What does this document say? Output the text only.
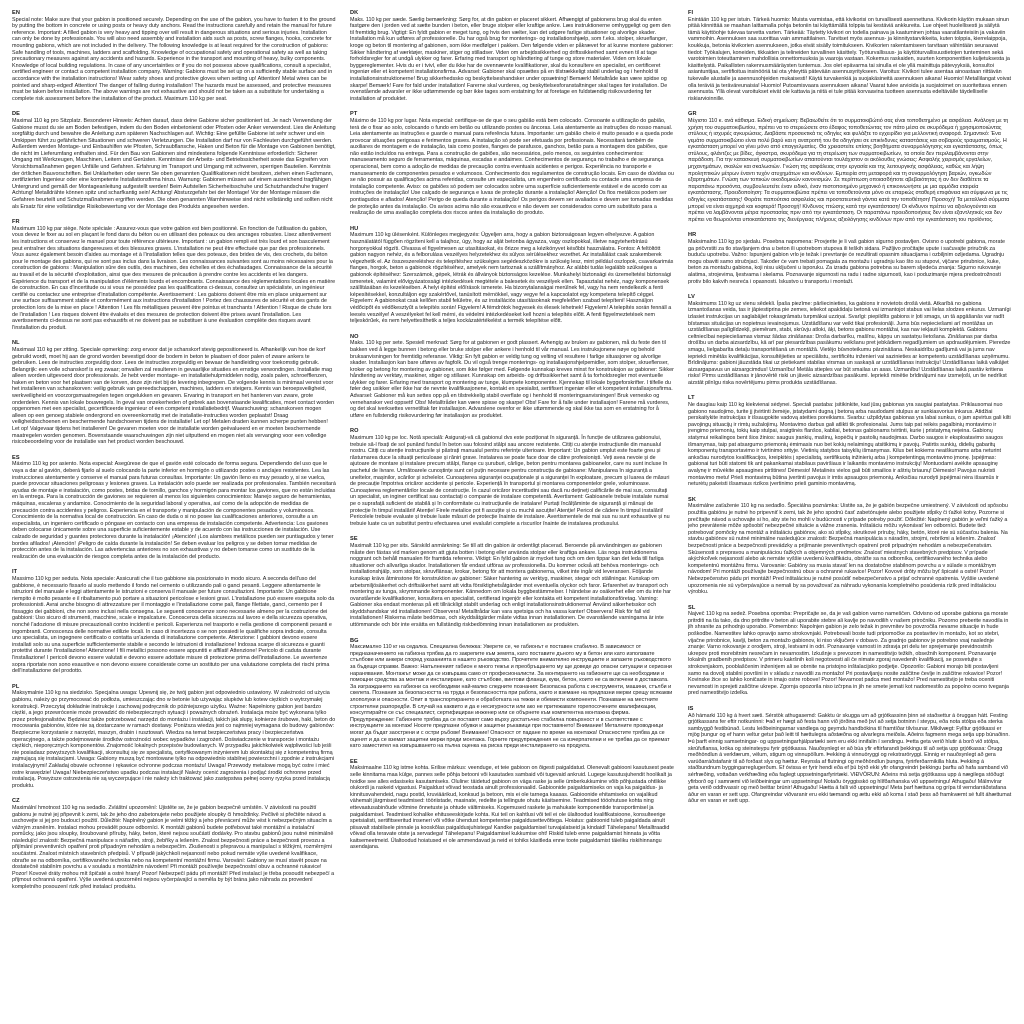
EN

Special note: Make sure that your gabion is positioned securely. Depending on the use of the gabion, you have to fasten it to the ground by putting the bottom in concrete or using posts or heavy duty anchors. Read the instructions carefully and retain the manual for future reference. Important: A filled gabion is very heavy and tipping over will result in dangerous situations and serious injuries. Installation can only be done by professionals. You will also need assembly and installation aids such as posts, screw flanges, hooks, concrete for mounting gabions, which are not included in the delivery. The following knowledge is at least required for the construction of gabions: Safe handling of tools, machines, ladders and scaffolding. Knowledge of occupational safety and operational safety as well as taking precautionary measures against any accidents and hazards. Experience in the transport and mounting of heavy, bulky components. Knowledge of local building regulations. In case of any uncertainties or if you do not possess above qualifications, consult a specialist, certified engineer or contact a competent installation company. Warning: Gabions must be set up on a sufficiently stable surface and in accordance with the installation instructions! Wear safety shoes and protective gloves when setting up! Attention! Metal wires can be pointed and sharp-edged! Attention! The danger of falling during installation! The hazards must be assessed, and protective measures must be taken before installation. The above warnings are not exhaustive and should not be taken as a substitute for undertaking a complete risk assessment before the installation of the product. Maximum 110 kg per seat.

DE

Maximal 110 kg pro Sitzplatz. Besonderer Hinweis: Achten darauf, dass deine Gabione sicher positioniert ist. Je nach Verwendung der Gabione musst du sie am Boden befestigen, indem du den Boden einbetonierst oder Pfosten oder Anker verwendest. Lies die Anleitung sorgfältig durch und bewahre die Anleitung zum späteren Nachschlagen auf. Wichtig: Eine gefüllte Gabione ist sehr schwer und ein Umkippen führt zu gefährlichen Situationen und schweren Verletzungen. Die Installation darf nur von Fachleuten durchgeführt werden. Außerdem werden Montage- und Einbauhilfen wie Pfosten, Schraubflansche, Haken und Beton für die Montage von Gabionen benötigt, die nicht im Lieferumfang enthalten sind. Für den Bau von Gabionen sind mindestens folgende Kenntnisse erforderlich: Sicherer Umgang mit Werkzeugen, Maschinen, Leitern und Gerüsten. Kenntnisse der Arbeits- und Betriebssicherheit sowie das Ergreifen von Vorsichtsmaßnahmen gegen Unfälle und Gefahren. Erfahrung im Transport und Umgang mit schweren, sperrigen Bauteilen. Kenntnis der örtlichen Bauvorschriften. Bei Unklarheiten oder wenn Sie oben genannten Qualifikationen nicht besitzen, ziehen einen Fachmann, zertifizierten Ingenieur oder eine kompetente Installationsfirma hinzu. Warnung: Gabionen müssen auf einem ausreichend tragfähigen Untergrund und gemäß der Montageanleitung aufgestellt werden! Beim Aufstellen Sicherheitsschuhe und Schutzhandschuhe tragen! Achtung! Metalldrähte können spitz und scharfkantig sein! Achtung! Absturzgefahr bei der Montage! Vor der Montage müssen die Gefahren beurteilt und Schutzmaßnahmen ergriffen werden. Die oben genannten Warnhinweise sind nicht vollständig und sollten nicht als Ersatz für eine vollständige Risikobewertung vor der Montage des Produkts angesehen werden.

FR

Maximum 110 kg par siège. Note spéciale : Assurez-vous que votre gabion est bien positionné. En fonction de l'utilisation du gabion, vous devez le fixer au sol en plaçant le fond dans du béton ou en utilisant des poteaux ou des ancrages robustes. Lisez attentivement les instructions et conservez le manuel pour toute référence ultérieure. Important : un gabion rempli est très lourd et son basculement peut entraîner des situations dangereuses et des blessures graves. L'installation ne peut être effectuée que par des professionnels. Vous aurez également besoin d'aides au montage et à l'installation telles que des poteaux, des brides de vis, des crochets, du béton pour le montage des gabions, qui ne sont pas inclus dans la livraison. Les connaissances suivantes sont au moins nécessaires pour la construction de gabions : Manipulation sûre des outils, des machines, des échelles et des échafaudages. Connaissance de la sécurité au travail et de la sécurité d'exploitation, ainsi que des mesures de précaution à prendre contre les accidents et les dangers. Expérience du transport et de la manipulation d'éléments lourds et encombrants. Connaissance des réglementations locales en matière de construction. En cas d'incertitude ou si vous ne possédez pas les qualifications ci-dessus, consultez un spécialiste, un ingénieur certifié ou contactez une entreprise d'installation compétente. Avertissement : Les gabions doivent être mis en place uniquement sur une surface suffisamment stable et conformément aux instructions d'installation ! Portez des chaussures de sécurité et des gants de protection lors de la mise en place ! Attention ! Les fils métalliques peuvent être pointus et tranchants ! Attention ! Risque de chute lors de l'installation ! Les risques doivent être évalués et des mesures de protection doivent être prises avant l'installation. Les avertissements ci-dessus ne sont pas exhaustifs et ne doivent pas se substituer à une évaluation complète des risques avant l'installation du produit.

NL

Maximaal 110 kg per zitting. Speciale opmerking: zorg ervoor dat je schanskorf stevig gepositioneerd is. Afhankelijk van hoe de korf gebruikt wordt, moet hij aan de grond worden bevestigd door de bodem in beton te plaatsen of door palen of zware ankers te gebruiken. Lees de instructies zorgvuldig door. Lees de instructies zorgvuldig en bewaar de handleiding voor toekomstig gebruik. Belangrijk: een volle schanskorf is erg zwaar; omvallen zal resulteren in gevaarlijke situaties en ernstige verwondingen. Installatie mag alleen worden uitgevoerd door professionals. Je hebt verder montage- en installatiehulpmiddelen nodig, zoals palen, schroefflenzen, haken en beton voor het plaatsen van de korven, deze zijn niet bij de levering inbegrepen. De volgende kennis is minimaal vereist voor het installeren van schanskorven: veilig gebruik van gereedschappen, machines, ladders en steigers. Kennis van beroepsveiligheid, werkveiligheid en voorzorgsmaatregelen tegen ongelukken en gevaren. Ervaring in transport en het hanteren van zware, grote onderdelen. Kennis van lokale bouwregels. In geval van onzekerheden of gebrek aan bovenstaande kwalificaties, moet contact worden opgenomen met een specialist, gecertificeerde ingenieur of een competent installatiebedrijf. Waarschuwing: schanskorven mogen alleen op een genoeg stabiele ondergrond en overeenkomstig met de installatie-instructies worden geplaatst! Draag veiligheidsschoenen en beschermende handschoenen tijdens de installatie! Let op! Metalen draden kunnen scherpe punten hebben! Let op! Valgevaar tijdens het installeren! De gevaren moeten voor de installatie worden geëvalueerd en er moeten beschermende maatregelen worden genomen. Bovenstaande waarschuwingen zijn niet uitputtend en mogen niet als vervanging voor een volledige risicobeoordeling voor de installatie van het product worden beschouwd.

ES

Máximo 110 kg por asiento. Nota especial: Asegúrese de que el gavión esté colocado de forma segura. Dependiendo del uso que le vaya a dar al gavión, deberá fijarlo al suelo colocando la parte inferior en hormigón o utilizando postes o anclajes resistentes. Lea las instrucciones atentamente y conserve el manual para futuras consultas. Importante: Un gavión lleno es muy pesado y, si se vuelca, puede provocar situaciones peligrosas y lesiones graves. La instalación solo puede ser realizada por profesionales. También necesitará ayudas de montaje e instalación, como postes, bridas de tornillo, ganchos y hormigón para montar los gaviones, que no están incluidas en la entrega. Para la construcción de gaviones se requieren al menos los siguientes conocimientos: Manejo seguro de herramientas, máquinas, escaleras y andamios. Conocimiento de la seguridad laboral y operativa, así como de la adopción de medidas de precaución contra accidentes y peligros. Experiencia en el transporte y manipulación de componentes pesados y voluminosos. Conocimiento de la normativa local de construcción. En caso de duda o si no posee las cualificaciones anteriores, consulte a un especialista, un ingeniero certificado o póngase en contacto con una empresa de instalación competente. Advertencia: Los gaviones deben colocarse únicamente sobre una superficie suficientemente estable y de acuerdo con las instrucciones de instalación. Use calzado de seguridad y guantes protectores durante la instalación! ¡Atención! ¡Los alambres metálicos pueden ser puntiagudos y tener bordes afilados! ¡Atención! ¡Peligro de caída durante la instalación! Se deben evaluar los peligros y se deben tomar medidas de protección antes de la instalación. Las advertencias anteriores no son exhaustivas y no deben tomarse como un sustituto de la realización de una evaluación de riesgos completa antes de la instalación del producto.

IT

Massimo 110 kg per seduta. Nota speciale: Assicurati che il tuo gabbione sia posizionato in modo sicuro. A seconda dell'uso del gabbione, è necessario fissarlo al suolo mettendo il fondo nel cemento o utilizzando pali o ganci pesanti. Leggere attentamente le istruzioni del manuale e leggi attentamente le istruzioni e conserva il manuale per future consultazioni. Importante: Un gabbione riempito è molto pesante e il ribaltamento può portare a situazioni pericolose e lesioni gravi. L'installazione può essere eseguita solo da professionisti. Avrai anche bisogno di attrezzature per il montaggio e l'installazione come pali, flange filettate, ganci, cemento per il fissaggio dei gabbioni, che non sono inclusi nella consegna. Le seguenti conoscenze sono necessarie almeno per la costruzione dei gabbioni: Uso sicuro di strumenti, macchine, scale e impalcature. Conoscenza della sicurezza sul lavoro e della sicurezza operativa, nonché l'adozione di misure precauzionali contro incidenti e pericoli. Esperienza nel trasporto e nella gestione di componenti pesanti e ingombranti. Conoscenza delle normative edilizie locali. In caso di incertezza o se non possiedi le qualifiche sopra indicate, consulta uno specialista, un ingegnere certificato o contatta un'azienda di installazione competente. Attenzione: I gabbioni devono essere installati solo su una superficie sufficientemente stabile e secondo le istruzioni di installazione! Indossa scarpe di sicurezza e guanti protettivi durante l'installazione! Attenzione! I fili metallici possono essere appuntiti e affilati! Attenzione! Pericolo di caduta durante l'installazione! I pericoli devono essere valutati e devono essere adottate misure di protezione prima dell'installazione. Le avvertenze sopra riportate non sono esaustive e non devono essere considerate come un sostituto per una valutazione completa dei rischi prima dell'installazione del prodotto.

PL

Maksymalnie 110 kg na siedzisko. Specjalna uwaga: Upewnij się, że twój gabion jest odpowiednio ustawiony. W zależności od użycia gabionu, należy go przymocować do podłoża, umieszczając dno w betonie lub używając słupków lub kotew ciężkich o wytrzymałej konstrukcji. Przeczytaj dokładnie instrukcje i zachowaj podręcznik do późniejszego użytku. Ważne: Napełniony gabion jest bardzo ciężki, a jego przewrócenie może prowadzić do niebezpiecznych sytuacji i poważnych obrażeń. Instalacja może być wykonana tylko przez profesjonalistów. Będziesz także potrzebować narzędzi do montażu i instalacji, takich jak słupy, kołnierze śrubowe, haki, beton do mocowania gabionów, które nie są dostarczane w ramach dostawy. Poniższa wiedza jest co najmniej wymagana do budowy gabionów: Bezpieczne korzystanie z narzędzi, maszyn, drabin i rusztowań. Wiedza na temat bezpieczeństwa pracy i bezpieczeństwa operacyjnego, a także podejmowanie środków ostrożności wobec wypadków i zagrożeń. Doświadczenie w transporcie i montażu ciężkich, nieporęcznych komponentów. Znajomość lokalnych przepisów budowlanych. W przypadku jakichkolwiek wątpliwości lub jeśli nie posiadasz powyższych kwalifikacji, skonsultuj się ze specjalistą, certyfikowanym inżynierem lub skontaktuj się z kompetentną firmą zajmującą się instalacjami. Uwaga: Gabiony muszą być montowane tylko na odpowiednio stabilnej powierzchni i zgodnie z instrukcjami instalacyjnymi! Zakładaj obuwie ochronne i rękawice ochronne podczas montażu! Uwaga! Przewody metalowe mogą być ostre i mieć ostre krawędzie! Uwaga! Niebezpieczeństwo upadku podczas instalacji! Należy ocenić zagrożenia i podjąć środki ochronne przed instalacją. Powyższe ostrzeżenia nie są wyczerpujące i nie należy ich traktować jako zastępstwa pełnej oceny ryzyka przed instalacją produktu.

CZ

Maximální hmotnost 110 kg na sedadlo. Zvláštní upozornění: Ujistěte se, že je gabion bezpečně umístěn. V závislosti na použití gabionu je nutné jej připevnit k zemi, tak že jeho dno zabetonujete nebo použijete sloupky či hmoždinky. Pečlivě si přečtěte návod a uschovejte si jej pro budoucí použití. Důležité: Naplněný gabion je velmi těžký a jeho převrácení může vést k nebezpečným situacím a vážným zraněním. Instalaci mohou provádět pouze odborníci. K montáži gabionů budete potřebovat také montážní a instalační pomůcky, jako jsou sloupky, šroubované příruby, háky, beton, které nejsou součástí dodávky. Pro stavbu gabionů jsou nutné minimálně následující znalosti: Bezpečná manipulace s nářadím, stroji, žebříky a lešením. Znalost bezpečnosti práce a bezpečnosti provozu a přijímání preventivních opatření proti případným nehodám a nebezpečím. Zkušenosti s přepravou a manipulací s těžkými, rozměrnými součástmi. Znalost místních stavebních předpisů. V případě jakýchkoli nejasností nebo pokud nemáte výše uvedené kvalifikace, obraťte se na odborníka, certifikovaného technika nebo na kompetentní montážní firmu. Varování: Gabiony se musí stavět pouze na dostatečně stabilním povrchu a v souladu s montážním návodem! Při montáži používejte bezpečnostní obuv a ochranné rukavice! Pozor! Kovové dráty mohou mít špičaté a ostré hrany! Pozor! Nebezpečí pádu při montáži! Před instalací je třeba posoudit nebezpečí a přijmout ochranná opatření. Výše uvedená upozornění nejsou vyčerpávající a neměla by být brána jako náhrada za provedení kompletního posouzení rizik před instalací produktu.

DK

Maks. 110 kg per sæde. Særlig bemærkning: Sørg for, at din gabion er placeret sikkert. Afhængigt af gabionens brug skal du enten fastgøre den i jorden ved at sætte bunden i beton, eller bruge stolper eller kraftige ankre. Læs instruktionerne omhyggeligt og gem den til fremtidig brug. Vigtigt: En fyldt gabion er meget tung, og hvis den vælter, kan det udgøre farlige situationer og alvorlige skader. Installation må kun udføres af professionelle. Du har også brug for monterings- og installationshjælp, som f.eks. stolper, skrueflanger, kroge og beton til montering af gabionen, som ikke medfølger i pakken. Den følgende viden er påkrævet for at kunne montere gabioner: Sikker håndtering af værktøjer, maskiner, stiger og stilladser. Viden om arbejdssikkerhed og driftssikkerhed samt evnen til at tage forholdsregler for at undgå ulykker og farer. Erfaring med transport og håndtering af tunge og store materialer. Viden om lokale byggereglementer. Hvis du er i tvivl, eller du ikke har de ovennævnte kvalifikationer, skal du konsultere en specialist, en certificeret ingeniør eller et kompetent installationsfirma. Advarsel: Gabioner skal opsættes på en tilstrækkeligt stabil underlag og i henhold til installationsinstruktionerne! Brug sikkerhedssko og beskyttelseshandsker under opsætning! Bemærk! Metaltråde kan være spidse og skarpe! Bemærk! Fare for fald under installation! Farerne skal vurderes, og beskyttelsesforanstaltninger skal tages før installation. De ovenstående advarsler er ikke udtømmende og bør ikke tages som erstatning for at foretage en fuldstændig risikovurdering før installation af produktet.

PT

Máximo de 110 kg por lugar. Nota especial: certifique-se de que o seu gabião está bem colocado. Consoante a utilização do gabião, terá de o fixar ao solo, colocando o fundo em betão ou utilizando postes ou âncoras. Leia atentamente as instruções do nosso manual. Leia atentamente as instruções e guarde o manual para referência futura. Importante: um gabião cheio é muito pesado e a queda pode provocar situações perigosas e ferimentos graves. A instalação só pode ser efetuada por profissionais. Necessitará também de auxiliares de montagem e de instalação, tais como postes, flanges de parafusos, ganchos, betão para a montagem dos gabiões, que não estão incluídos na entrega. Para a construção de gabiões, são necessários, pelo menos, os seguintes conhecimentos: manuseamento seguro de ferramentas, máquinas, escadas e andaimes. Conhecimentos de segurança no trabalho e de segurança operacional, bem como a adoção de medidas de precaução contra eventuais acidentes e perigos. Experiência no transporte e manuseamento de componentes pesados e volumosos. Conhecimento dos regulamentos de construção locais. Em caso de dúvidas ou se não possuir as qualificações acima referidas, consulte um especialista, um engenheiro certificado ou contacte uma empresa de instalação competente. Aviso: os gabiões só podem ser colocados sobre uma superfície suficientemente estável e de acordo com as instruções de instalação! Use calçado de segurança e luvas de proteção durante a instalação! Atenção! Os fios metálicos podem ser pontiagudos e afiados! Atenção! Perigo de queda durante a instalação! Os perigos devem ser avaliados e devem ser tomadas medidas de proteção antes da instalação. Os avisos acima não são exaustivos e não devem ser considerados como um substituto para a realização de uma avaliação completa dos riscos antes da instalação do produto.

HU

Maximum 110 kg ülésenként. Különleges megjegyzés: Ügyeljen arra, hogy a gabion biztonságosan legyen elhelyezve. A gabion használatától függően rögzíteni kell a talajhoz, úgy, hogy az alját betonba ágyazza, vagy oszlopokkal, illetve nagyteherbírású horgonyokkal rögzíti. Olvassa el figyelmesen az utasításokat, és őrizze meg a kézikönyvet későbbi használatra. Fontos: A feltöltött gabion nagyon nehéz, és a felborulása veszélyes helyzetekhez és súlyos sérülésekhez vezethet. Az installálást csak szakemberek végezhetik el. Az összeszereléshez és telepítéshez szükséges segédeszközökre is szükség lesz, mint például oszlopok, csavarkarimás flanges, horgok, beton a gabionok rögzítéséhez, amelyek nem tartoznak a szállítmányhoz. Az alábbi tudás legalább szükséges a gabionok építéséhez: Szerszámok, gépek, létrák és állványok biztonságos kezelése. Munkahelyi biztonsági és üzemeltetési biztonsági ismeretek, valamint elővigyázatossági intézkedések megtétele a balesetek és veszélyek ellen. Tapasztalat nehéz, nagy komponensek szállításában és kezelésében. A helyi építési előírások ismerete. Ha bizonytalanságai merülnek fel, vagy ha nem rendelkezik a fenti képesítésekkel, konzultáljon egy szakértővel, tanúsított mérnökkel, vagy vegye fel a kapcsolatot egy kompetens telepítő céggel. Figyelem: A gabionokat csak kellően stabil felületre, és az installációs utasításoknak megfelelően szabad telepíteni! Használjon védőcipőt és védőkesztyűt a telepítés során! Figyelem! A fémdrótok hegyesek és élesek lehetnek! Figyelem! A telepítés során fennáll a leesés veszélye! A veszélyeket fel kell mérni, és védelmi intézkedéseket kell hozni a telepítés előtt. A fenti figyelmeztetések nem teljeskörűek, és nem helyettesíthetik a teljes kockázatértékelést a termék telepítése előtt.

NO

Maks. 110 kg per sete. Spesiell merknad: Sørg for at gabionen er godt plassert. Avhengig av bruken av gabionen, må du feste den til bakken ved å legge bunnen i betong eller bruke stolper eller ankere i henhold til vår manual. Les instruksjonene nøye og behold bruksanvisningen for fremtidig referanse. Viktig: En fylt gabion er veldig tung og velting vil resultere i farlige situasjoner og alvorlige skader. Installasjon kan bare utføres av fagfolk. Du vil også trenge monterings- og installasjonshjelpemidler, som stolper, skrueflenser, kroker og betong for montering av gabioner, som ikke følger med. Følgende kunnskap kreves minst for konstruksjon av gabioner: Sikker håndtering av verktøy, maskiner, stiger og stillaser. Kunnskap om arbeids- og driftssikkerhet samt å ta forholdsregler mot eventuelle ulykker og farer. Erfaring med transport og montering av tunge, klumpete komponenter. Kjennskap til lokale byggeforskrifter. I tilfelle du føler deg usikker eller ikke har de nevnte kvalifikasjonene, kontakt en spesialist, sertifisert ingeniør eller et kompetent installasjonsfirma. Advarsel: Gabioner må kun settes opp på en tilstrekkelig stabil overflate og i henhold til monteringsanvisningen! Bruk vernesko og vernehansker ved oppsett! Obs! Metalltråder kan være spisse og skarpe! Obs! Fare for å falle under installasjon! Farene må vurderes, og det skal iverksettes vernetiltak før installasjon. Advarslene ovenfor er ikke uttømmende og skal ikke tas som en erstatning for å utføre en fullstendig risikovurdering før installasjon av produktet.

RO

Maximum 110 kg pe loc. Notă specială: Asigurați-vă că gabionul dvs este poziționat în siguranță. În funcție de utilizarea gabionului, trebuie să-l fixați de sol punând fundul în beton sau folosind stâlpi sau ancore rezistente. Citiți cu atenție instrucțiunile din manualul nostru. Citiți cu atenție instrucțiunile și păstrați manualul pentru referințe ulterioare. Important: Un gabion umplut este foarte greu și răsturnarea duce la situații periculoase și răniri grave. Instalarea se poate face doar de către profesioniști. Veți avea nevoie și de ajutoare de montare și instalare precum stâlpi, flanșe cu șuruburi, cârlige, beton pentru montarea gabioanelor, care nu sunt incluse în pachetul de livrare. Următoarele cunoștințe sunt cel puțin necesare pentru construcția de gabioane: Manipularea în siguranță a uneltelor, mașinilor, scărilor și schelelor. Cunoașterea siguranței ocupaționale și a siguranței în exploatare, precum și luarea de măsuri de precauție împotriva oricăror accidente și pericole. Experiență în transportul și montarea componentelor grele, voluminoase. Cunoașterea reglementărilor locale de construcție. În cazul oricăror incertitudini sau dacă nu dețineți calificările de mai sus, consultați un specialist, un inginer certificat sau contactați o companie de instalare competentă. Avertisment: Gabioanele trebuie instalate numai pe o suprafață suficient de stabilă și în conformitate cu instrucțiunile de instalare! Purtați încălțăminte de siguranță și mănuși de protecție în timpul instalării! Atenție! Firele metalice pot fi ascuțite și cu muchii ascuțite! Atenție! Pericol de cădere în timpul instalării! Pericolele trebuie evaluate și trebuie luate măsuri de protecție înainte de instalare. Avertismentele de mai sus nu sunt exhaustive și nu trebuie luate ca un substitut pentru efectuarea unei evaluări complete a riscurilor înainte de instalarea produsului.

SE

Maximalt 110 kg per sits. Särskild anmärkning: Se till att din gabion är ordentligt placerad. Beroende på användningen av gabionen måste den fästas vid marken genom att gjuta botten i betong eller använda stolpar eller kraftiga ankare. Läs noga instruktionerna noggrant och behåll manualen för framtida referens. Viktigt: En fylld gabion är mycket tung och om den tippar kan det leda till farliga situationer och allvarliga skador. Installationen får endast utföras av professionella. Du kommer också att behöva monterings- och installationshjälp, som stolpar, skruvflänsar, krokar, betong för att montera gabionerna, vilket inte ingår vid leveransen. Följande kunskap krävs åtminstone för konstruktion av gabioner: Säker hantering av verktyg, maskiner, stegar och ställningar. Kunskap om arbetsmiljösäkerhet och driftsäkerhet samt att vidta försiktighetsåtgärder mot eventuella olyckor och faror. Erfarenhet av transport och montering av tunga, skrymmande komponenter. Kännedom om lokala byggbestämmelser. I händelse av osäkerhet eller om du inte har ovanstående kvalifikationer, konsultera en specialist, certifierad ingenjör eller kontakta ett kompetent installationsföretag. Varning: Gabioner ska endast monteras på ett tillräckligt stabilt underlag och enligt installationsinstruktionerna! Använd säkerhetsskor och skyddshandskar vid installationen! Observera! Metalltrådar kan vara spetsiga och ha vassa kanter! Observera! Risk för fall vid installationen! Riskerna måste bedömas, och skyddsåtgärder måste vidtas innan installationen. De ovanstående varningarna är inte uttömmande och bör inte ersätta en fullständig riskbedömning innan installationen av produkten.

BG

Максимално 110 кг на седалка. Специална бележка: Уверете се, че габионът е поставен стабилно. В зависимост от предназначението на габиона трябва да го закрепите към земята, като поставите дъното му в бетон или като използвате стълбове или анкери според указанията в нашето ръководство. Прочетете внимателно инструкциите и запазете ръководството за бъдещи справки. Важно: Напълненият габион е много тежък и преобръщането му ще доведе до опасни ситуации и сериозни наранявания. Монтажът може да се извършва само от професионалисти. За монтирането на габионите ще са необходими и помощни средства за монтаж и инсталиране, като стълбове, винтови фланци, куки, бетон, които не са включени в доставката. За изграждането на габиони са необходими най-малко следните познания: Безопасна работа с инструменти, машини, стълби и скелета. Познания за безопасността на труда и безопасността при работа, както и вземане на предпазни мерки срещу всякакви злополуки и опасности. Опит в транспортирането и обработката на тежки и обемисти компоненти. Познаване на местните строителни разпоредби. В случай на каквито и да е несигурности или ако не притежавате горепосочените квалификации, консултирайте се със специалист, сертифициран инженер или се обърнете към компетентна монтажна фирма. Предупреждение: Габионите трябва да се поставят само върху достатъчно стабилна повърхност и в съответствие с инструкциите за монтаж! Носете предпазни обувки и защитни ръкавици при поставянето! Внимание! Металните проводници могат да бъдат заострени и с остри ръбове! Внимание! Опасност от падане по време на монтажа! Опасностите трябва да се оценят и да се вземат защитни мерки преди монтажа. Горните предупреждения не са изчерпателни и не трябва да се приемат като заместител на извършването на пълна оценка на риска преди инсталирането на продукта.

EE

Maksimaalne 110 kg istme kohta. Erilise märkus: veenduge, et teie gabioon on õigesti paigaldatud. Olenevalt gabiooni kasutusest peate selle kinnitama maa külge, pannes selle põhja betooni või kasutades sambaid või tugevaid ankruid. Lugege kasutusjuhendit hoolikalt ja hoidke see alles edasiseks kasutamiseks. Oluline: täidetud gabioon on väga raske ja selle ümberkukkumine võib põhjustada ohtlikke olukordi ja raskeid vigastusi. Paigaldust võivad teostada ainult professionaalid. Gabioonide paigaldamiseks on vaja ka paigaldus- ja kinnitusvahendeid, nagu postid, kruviäärikud, konksud ja betoon, mis ei ole tarnega kaasas. Gabioonide ehitamiseks on vajalikud vähemalt järgmised teadmised: tööriistade, masinate, redelite ja tellingute ohutu käsitsemine. Teadmised tööohutuse kohta ning ettevaatusabinõude võtmine õnnetuste ja ohtude vältimiseks. Kogemused raskete ja mahukate komponentide transportimisel ja paigaldamisel. Teadmised kohalike ehituseeskirjade kohta. Kui teil on kahtlusi või teil ei ole ülaltoodud kvalifikatsioone, konsulteerige spetsialisti, sertifitseeritud inseneri või võtke ühendust kompetentse paigaldusettevõttega. Hoiatus: gabioonid tuleb paigaldada ainult piisavalt stabiilsele pinnale ja kooskõlas paigaldusjuhistega! Kandke paigaldamisel turvajalatseid ja kindaid! Tähelepanu! Metalltraadid võivad olla teravate otste ja servadega! Tähelepanu! Paigaldamisel kukkumise oht! Riskid tuleb enne paigaldamist hinnata ja võtta kaitsemeetmeid. Ülaltoodud hoiatused ei ole ammendavad ja neid ei tohiks käsitleda enne toote paigaldamist täieliku riskihinnangu asendajana.

FI

Enintään 110 kg per istuin. Tärkeä huomio: Muista varmistaa, että kivikorisi on turvallisesti asennettuna. Kivikorin käytön mukaan sinun pitää kiinnittää se maahan laittamalla pohja betoniin tai käyttämällä tolppia tai kestäviä ankkureita. Lue ohjeet huolellisesti ja säilytä tämä käyttöohje tulevaa tarvetta varten. Tärkeää: Täytetty kivikori on todella painava ja kaatuminen johtaa vaaratilanteisiin ja vakaviin vammoihin. Asennuksen saa suorittaa vain ammattilainen. Tarvitset myös asennus- ja kiinnitystarvikkeita, kuten tolppia, kierrelaippoja, koukkuja, betonia kivikorien asennukseen, jotka eivät sisälly toimitukseen. Kivikorien rakentamiseen tarvitaan vähintään seuraavat tiedot: Työkalujen, koneiden, tikkaiden ja telineiden turvallinen käsittely. Työturvallisuus- ja käyttöturvallisuustietojen tunteminen sekä varotoimien toteuttaminen mahdollisia onnettomuuksia ja vaaroja vastaan. Kokemus raskaiden, suurten komponenttien kuljetuksesta ja käsittelystä. Paikallisten rakennusmääräysten tuntemus. Jos olet epävarma tai sinulla ei ole yllä mainittuja pätevyyksiä, konsultoi asiantuntijaa, sertifioitua insinööriä tai ota yhteyttä pätevään asennusyritykseen. Varoitus: Kivikori tulee asentaa ainoastaan riittävän tukevalle alustalle ja asennusohjeiden mukaisesti! Käytä turvakenkiä ja suojakäsineitä asennuksen aikana! Huomio! Metallilangat voivat olla teräviä ja teräväreunaisia! Huomio! Putoamisvaara asennuksen aikana! Vaarat tulee arvioida ja suojatoimet on suoritettava ennen asennusta. Yllä olevat varoitukset eivät ole kattavia ja niitä ei tule pitää korvaavina tuotteen asennusta edeltävälle täydelliselle riskiarvioinnille.

GR

Μέγιστο 110 κ. ανά κάθισμα. Ειδική σημείωση: Βεβαιωθείτε ότι το συρματοκιβώτιό σας είναι τοποθετημένο με ασφάλεια. Ανάλογα με τη χρήση του συρματοκιβωτίου, πρέπει να το στερεώσετε στο έδαφος τοποθετώντας τον πάτο μέσα σε σκυρόδεμα ή χρησιμοποιώντας στύλους ή ισχυρές αγκυρώσεις. Διαβάστε προσεκτικά τις οδηγίες και φυλάξτε το εγχειρίδιο για μελλοντική αναφορά. Σημαντικό: Ένα γεμάτο συρματοκιβώτιο είναι πολύ βαρύ και η ανατροπή του θα οδηγήσει σε επικίνδυνες καταστάσεις και σοβαρούς τραυματισμούς. Η εγκατάσταση μπορεί να γίνει μόνο από επαγγελματίες. Θα χρειαστείτε επίσης βοηθήματα συναρμολόγησης και εγκατάστασης, όπως στύλους, φλάντζες με βίδες, άγκιστρα, σκυρόδεμα για τη στερέωση των συρματοκιβωτίων, τα οποία δεν περιλαμβάνονται στην παράδοση. Για την κατασκευή συρματοκιβωτίων απαιτούνται τουλάχιστον οι ακόλουθες γνώσεις: Ασφαλής χειρισμός εργαλείων, μηχανημάτων, σκαλών και σκαλωσιών. Γνώση της ασφάλειας στην εργασία και της λειτουργικής ασφάλειας, καθώς και λήψη προληπτικών μέτρων έναντι τυχόν ατυχημάτων και κινδύνων. Εμπειρία στη μεταφορά και τη συναρμολόγηση βαριών, ογκωδών εξαρτημάτων. Γνώση των τοπικών οικοδομικών κανονισμών. Σε περίπτωση οποιασδήποτε αβεβαιότητας ή αν δεν διαθέτετε τα παραπάνω προσόντα, συμβουλευτείτε έναν ειδικό, έναν πιστοποιημένο μηχανικό ή επικοινωνήστε με μια αρμόδια εταιρεία εγκατάστασης. Προειδοποίηση: Τα συρματοκιβώτια πρέπει να τοποθετούνται μόνο σε επαρκώς σταθερή επιφάνεια και σύμφωνα με τις οδηγίες εγκατάστασης! Φοράτε παπούτσια ασφαλείας και προστατευτικά γάντια κατά την τοποθέτηση! Προσοχή! Τα μεταλλικά σύρματα μπορεί να είναι αιχμηρά και κοφτερά! Προσοχή! Κίνδυνος πτώσης κατά την εγκατάσταση! Οι κίνδυνοι πρέπει να αξιολογούνται και πρέπει να λαμβάνονται μέτρα προστασίας πριν από την εγκατάσταση. Οι παραπάνω προειδοποιήσεις δεν είναι εξαντλητικές και δεν πρέπει να θεωρούνται υποκατάστατο της διενέργειας πλήρους αξιολόγησης κινδύνων πριν από την εγκατάσταση του προϊόντος.

HR

Maksimalno 110 kg po sjedalu. Posebna napomena: Provjerite je li vaš gabion sigurno postavljen. Ovisno o upotrebi gabiona, morate ga pričvrstiti za tlo stavljanjem dna u beton ili upotrebom stupova ili teških sidara. Pažljivo pročitajte upute i sačuvajte priručnik za buduću upotrebu. Važno: Ispunjeni gabion vrlo je težak i prevrtanje će rezultirati opasnim situacijama i ozbiljnim ozljedama. Ugradnju mogu obaviti samo stručnjaci. Također će vam trebati pomagala za montažu i ugradnju kao što su stupovi, vijčane prirubnice, kuke, beton za montažu gabiona, koji nisu uključeni u isporuku. Za izradu gabiona potrebna su barem sljedeća znanja: Sigurno rukovanje alatima, strojevima, ljestvama i skelama. Poznavanje sigurnosti na radu i radne sigurnosti, kao i poduzimanje mjera predostrožnosti protiv bilo kakvih nesreća i opasnosti. Iskustvo u transportu i montaži.

LV

Maksimums 110 kg uz vienu sēdekli. Īpaša piezīme: pārliecinieties, ka gabions ir novietots drošā vietā. Atkarībā no gabiona izmantošanas veida, tas ir jāpiestiprina pie zemes, ieliekot apakšdaļu betonā vai izmantojot stabus vai lielas slodzes enkurus. Uzmanīgi izlasiet instrukcijas un saglabājiet rokasgrāmatu turpmākai uzziņai. Svarīgi: piepildīts gabions ir ļoti smags, un tā apgāšanās var radīt bīstamas situācijas un nopietnus ievainojumus. Uzstādīšanu var veikt tikai profesionāļi. Jums būs nepieciešami arī montāžas un uzstādīšanas palīglīdzekļi, piemēram, stabi, skrūvju atloki, āķi, betons gabionu montāžai, kas nav iekļauti komplektā. Gabionu celtniecībai nepieciešamas vismaz šādas zināšanas: Droša darbarīku, mašīnu, kāpņu un sastatņu lietošana. Zināšanas par darba drošību un darba aizsardzību, kā arī par piesardzības pasākumu veikšanu pret jebkādiem negadījumiem un apdraudējumiem. Pieredze smagu, lielgabarīta detaļu transportēšanā un montāžā. Vietējo būvnoteikumu pārzināšana. Neskaidrību gadījumā vai ja jums nav iepriekš minētās kvalifikācijas, konsultējieties ar speciālistu, sertificētu inženieri vai sazinieties ar kompetentu uzstādīšanas uzņēmumu. Brīdinājums: gabioni jāuzstāda tikai uz pietiekami stabilas virsmas un saskaņā ar uzstādīšanas instrukciju! Uzstādīšanas laikā valkājiet aizsargapavus un aizsargcimdus! Uzmanību! Metāla stieples var būt smailas un asas. Uzmanību! Uzstādīšanas laikā pastāv kritiena risks! Pirms uzstādīšanas ir jānovērtē riski un jāveic aizsardzības pasākumi. Iepriekš minētie brīdinājumi nav izsmeļoši, un tie nedrīkst aizstāt pilnīgu riska novērtējumu pirms produkta uzstādīšanas.

LT

Ne daugiau kaip 110 kg kiekvienai sėdynei. Speciali pastaba: įsitikinkite, kad jūsų gabionas yra saugiai pastatytas. Priklausomai nuo gabiono naudojimo, turite jį įtvirtinti žemėje, įstatydami dugną į betoną arba naudodami stulpus ar sunkiasvorius inkarus. Atidžiai perskaitykite instrukcijas ir išsaugokite vadovą ateities poreikiams. Svarbu: užpildytas gabionas yra labai sunkus, o jam apvirtus gali kilti pavojingų situacijų ir rimtų sužalojimų. Montavimo darbus gali atlikti tik profesionalai. Jums taip pat reikės pagalbinių montavimo ir įrengimo priemonių, tokių kaip stulpai, sraigtinės flanšos, kabliai, betonas gabionams tvirtinti, kurie į pristatymą neįeina. Gabionų statymui reikalingos bent šios žinios: saugus įrankių, mašinų, kopėčių ir pastolių naudojimas. Darbo saugos ir eksploatavimo saugos išmanymas, taip pat atsargumo priemonių ėmimasis nuo bet kokių nelaimingų atsitikimų ir pavojų. Patirtis sunkių, didelių gabaritų komponentų transportavimo ir tvirtinimo srityje. Vietinių statybos taisyklių išmanymas. Kilus bet kokiems neaiškumams arba neturint anksčiau nurodytos kvalifikacijos, kreipkitės į specialistą, sertifikuotą inžinierių arba į kompetentingą montavimo įmonę. Įspėjimas: gabionai turi būti statomi tik ant pakankamai stabilaus paviršiaus ir laikantis montavimo instrukcijų! Montuodami avėkite apsauginę avalynę ir mūvėkite apsaugines pirštines! Dėmesio! Metalinės vielos gali būti smailios ir aštrių briaunų! Dėmesio! Pavojus nukristi montavimo metu! Prieš montavimą būtina įvertinti pavojus ir imtis apsaugos priemonių. Anksčiau nurodyti įspėjimai nėra išsamūs ir neturėtų pakeisti išsamaus rizikos įvertinimo prieš gaminio montavimą.

SK

Maximálne zaťaženie 110 kg na sedadlo. Špeciálna poznámka: Uistite sa, že je gabión bezpečne umiestnený. V závislosti od spôsobu použitia gabiónu je nutné ho pripevniť k zemi, tak že jeho spodnú časť zabetónujete alebo použijete stĺpiky či ťažké kotvy. Pozorne si prečítajte návod a uchovajte si ho, aby ste ho mohli v budúcnosti v prípade potreby použiť. Dôležité: Naplnený gabión je veľmi ťažký a jeho prevrátenie môže spôsobiť nebezpečné situácie a vážne zranenia. Inštaláciu môžu vykonávať len odborníci. Budete tiež potrebovať pomôcky na montáž a inštaláciu gabiónov, ako sú stĺpiky, skrutkové príruby, háky, betón, ktoré nie sú súčasťou balenia. Na stavbu gabiónov sú nutné minimálne nasledujúce znalosti: Bezpečná manipulácia s náradím, strojmi, rebríkmi a lešením. Znalosť bezpečnosti práce a bezpečnosti prevádzky a prijímanie preventívnych opatrení proti prípadným nehodám a nebezpečenstvám. Skúsenosti s prepravou a manipuláciou ťažkých a objemných predmetov. Znalosť miestnych stavebných predpisov. V prípade akýchkoľvek nejasností alebo ak nemáte vyššie uvedenú kvalifikáciu, obráťte sa na odborníka, certifikovaného technika alebo kompetentnú montážnu firmu. Varovanie: Gabióny sa musia stavať len na dostatočne stabilnom povrchu a v súlade s montážnym návodom! Pri montáži používajte bezpečnostnú obuv a ochranné rukavice! Pozor! Kovové drôty môžu byť špicaté a ostré! Pozor! Nebezpečenstvo pádu pri montáži! Pred inštaláciou je nutné posúdiť nebezpečenstvo a prijať ochranné opatrenia. Vyššie uvedené upozornenia nie sú vyčerpávajúce a nemali by sa považovať za náhradu vykonania kompletného posúdenia rizík pred inštaláciou výrobku.

SL

Največ 110 kg na sedež. Posebna opomba: Prepričajte se, da je vaš gabion varno nameščen. Odvisno od uporabe gabiona ga morate pritrditi na tla tako, da dno pritrdite v beton ali uporabite stebre ali kavlje po navodilih v našem priročniku. Pozorno preberite navodila in jih shranite za prihodnjo uporabo. Pomembno: Napolnjen gabion je zelo težak in prevrnitev bo povzročila nevarne situacije in hude poškodbe. Namestitev lahko opravijo samo strokovnjaki. Potrebovali boste tudi pripomočke za postavitev in montažo, kot so stebri, vijačne prirobnice, kavlji, beton za montažo gabionov, ki niso vključeni v dobavo. Za gradnjo gabionov je potrebno vsaj naslednje znanje: Varno rokovanje z orodjem, stroji, lestvami in odri. Poznavanje varnosti in zdravja pri delu ter sprejemanje previdnostnih ukrepov proti morebitnim nesrečam in nevarnostim. Izkušnje s prevozom in namestitvijo težkih, obsežnih komponent. Poznavanje lokalnih gradbenih predpisov. V primeru kakršnih koli negotovosti ali če nimate zgoraj navedenih kvalifikacij, se posvetujte s strokovnjakom, pooblaščenim inženirjem ali se obrnite na pristojno inštalacijsko podjetje. Opozorilo: Gabioni morajo biti postavljeni samo na dovolj stabilni površini in v skladu z navodili za montažo! Pri postavljanju nosite zaščitne čevlje in zaščitne rokavice! Pozor! Kovinske žice so lahko koničaste in imajo ostre robove! Pozor! Nevarnost padca med montažo! Pred namestitvijo je treba oceniti nevarnosti in sprejeti zaščitne ukrepe. Zgornja opozorila niso izčrpna in jih ne smete jemati kot nadomestilo za popolno oceno tveganja pred namestitvijo izdelka.

IS

Að hámarki 110 kg á hvert sæti. Sérstök athugasemd: Gakktu úr skugga um að grjótkassinn þinn sé staðsettur á öruggan hátt. Festing grjótkassans fer eftir notkuninni: Það er hægt að festa hann við jörðina með því að setja botninn í steypu, eða nota stólpa eða sterka sambyggð festibúnað. Lestu leiðbeiningarnar vandlega og geymdu handbókina til framtíðar tilvísunar. Mikilvægt: Fylltur grjótkassi er mjög þungur og ef hann veltur getur það leitt til hættulegra aðstæðna og alvarlegra meiðsla. Aðeins fagmenn mega setja upp búnaðinn. Þú þarft einnig samsetningar- og uppsetningarhjálpartæki sem eru ekki innifalin í sendingu. Þetta geta verið hlutir á borð við stólpa, skrúfuflansa, króka og steinsteypu fyrir grjótkassa. Nauðsynlegt er að búa yfir eftirfarandi þekkingu til að setja upp grjótkassa: Örugg meðhöndlun á verkfærum, vélum, stigum og vinnupöllum. Þekking á vinnuöryggi og rekstraröryggi. Einnig er nauðsynlegt að gera varúðarráðstafanir til að forðast slys og hættur. Reynsla af flutningi og meðhöndlun þungra, fyrirferðarmikilla hluta. Þekking á staðbundnum byggingarreglugerðum. Ef óvissa er fyrir hendi eða ef þú býrð ekki yfir ofangreindri þekkingu þarftu að hafa samband við sérfræðing, vottaðan verkfræðing eða faglegt uppsetningarfyrirtæki. VIÐVÖRUN: Aðeins má setja grjótkassa upp á nægilega stöðugt yfirborð og í samræmi við leiðbeiningar um uppsetningu! Notaðu öryggisskó og hlífðarhanska við uppsetningu! Athugaðu! Málmvírar geta verið oddhvassir og með beittar brúnir! Athugaðu! Hætta á falli við uppsetningu! Meta þarf hættuna og grípa til verndarráðstafana áður en varan er sett upp. Ofangreindar viðvaranir eru ekki tæmandi og ættu ekki að koma í stað þess að framkvæmt sé fullt áhættumat áður en varan er sett upp.
